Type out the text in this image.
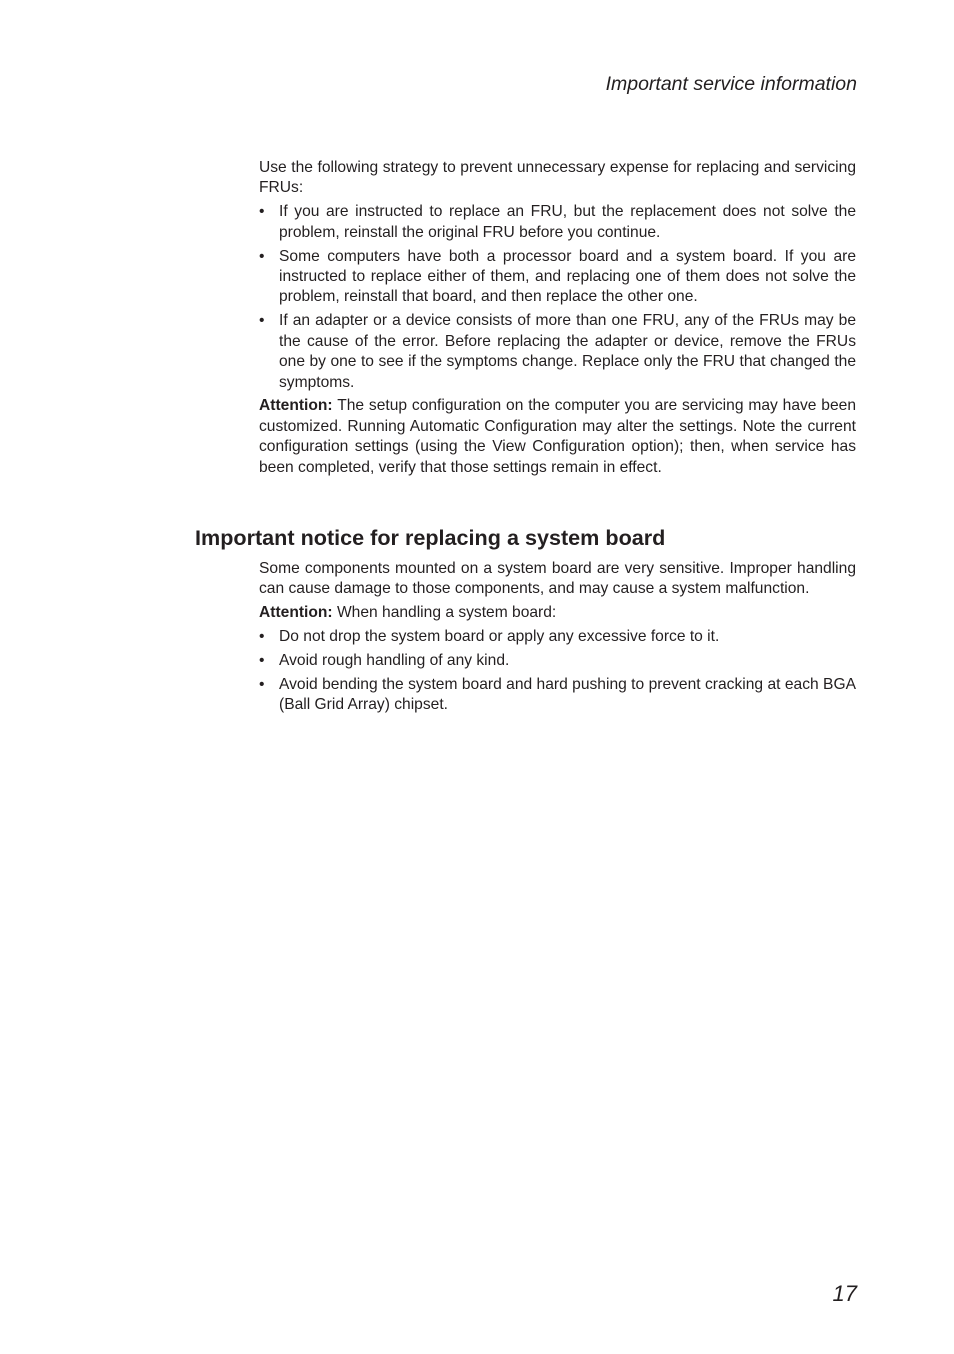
Important service information

Use the following strategy to prevent unnecessary expense for replacing and servicing FRUs:

• If you are instructed to replace an FRU, but the replacement does not solve the problem, reinstall the original FRU before you continue.
• Some computers have both a processor board and a system board. If you are instructed to replace either of them, and replacing one of them does not solve the problem, reinstall that board, and then replace the other one.
• If an adapter or a device consists of more than one FRU, any of the FRUs may be the cause of the error. Before replacing the adapter or device, remove the FRUs one by one to see if the symptoms change. Replace only the FRU that changed the symptoms.

Attention: The setup configuration on the computer you are servicing may have been customized. Running Automatic Configuration may alter the settings. Note the current configuration settings (using the View Configuration option); then, when service has been completed, verify that those settings remain in effect.

Important notice for replacing a system board

Some components mounted on a system board are very sensitive. Improper handling can cause damage to those components, and may cause a system malfunction.

Attention: When handling a system board:

• Do not drop the system board or apply any excessive force to it.
• Avoid rough handling of any kind.
• Avoid bending the system board and hard pushing to prevent cracking at each BGA (Ball Grid Array) chipset.
17
